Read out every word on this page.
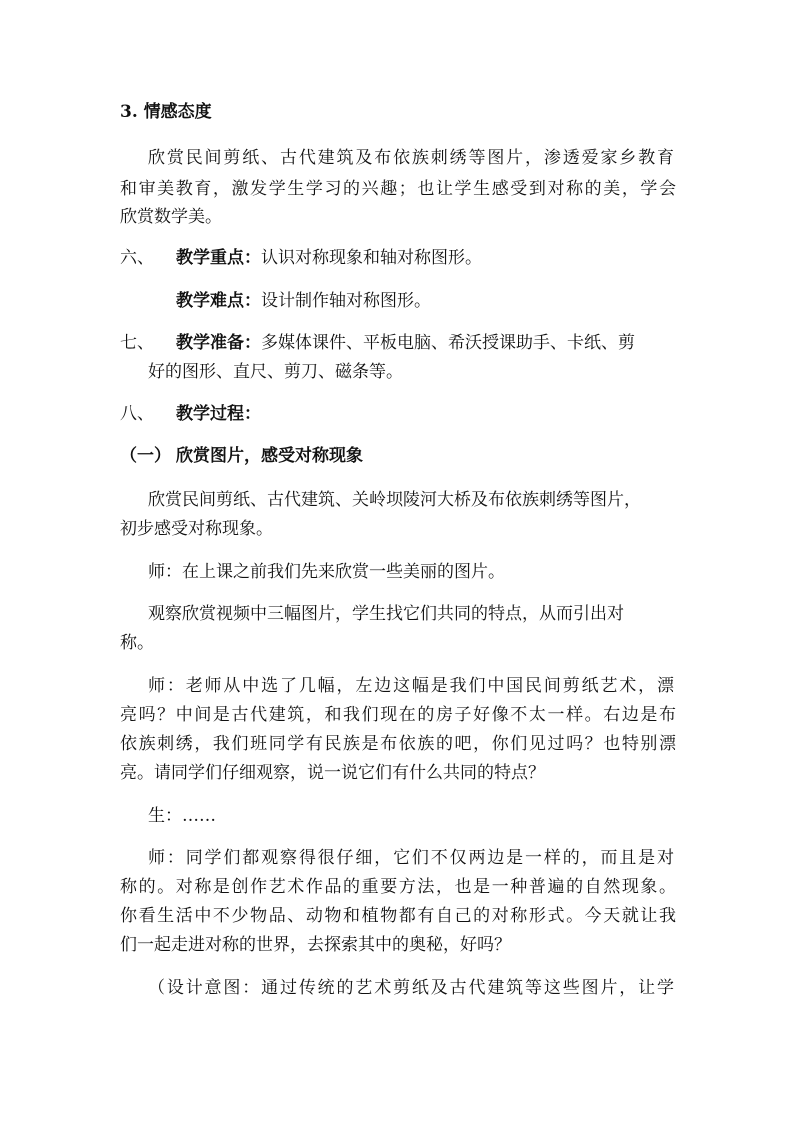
3. 情感态度
欣赏民间剪纸、古代建筑及布依族刺绣等图片，渗透爱家乡教育
和审美教育，激发学生学习的兴趣；也让学生感受到对称的美，学会
欣赏数学美。
六、 教学重点：认识对称现象和轴对称图形。
教学难点：设计制作轴对称图形。
七、 教学准备：多媒体课件、平板电脑、希沃授课助手、卡纸、剪
好的图形、直尺、剪刀、磁条等。
八、 教学过程：
（一） 欣赏图片，感受对称现象
欣赏民间剪纸、古代建筑、关岭坝陵河大桥及布依族刺绣等图片，
初步感受对称现象。
师：在上课之前我们先来欣赏一些美丽的图片。
观察欣赏视频中三幅图片，学生找它们共同的特点，从而引出对
称。
师：老师从中选了几幅，左边这幅是我们中国民间剪纸艺术，漂
亮吗？中间是古代建筑，和我们现在的房子好像不太一样。右边是布
依族刺绣，我们班同学有民族是布依族的吧，你们见过吗？也特别漂
亮。请同学们仔细观察，说一说它们有什么共同的特点？
生：……
师：同学们都观察得很仔细，它们不仅两边是一样的，而且是对
称的。对称是创作艺术作品的重要方法，也是一种普遍的自然现象。
你看生活中不少物品、动物和植物都有自己的对称形式。今天就让我
们一起走进对称的世界，去探索其中的奥秘，好吗？
（设计意图：通过传统的艺术剪纸及古代建筑等这些图片，让学
